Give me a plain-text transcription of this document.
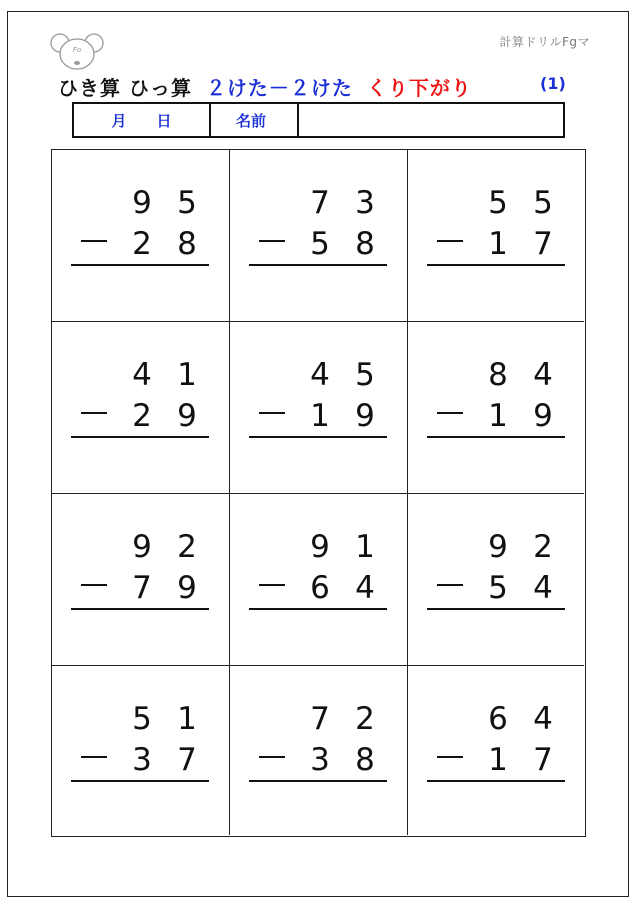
Fo
計算ドリルFgマ
ひき算 ひっ算 ２けた－２けた くり下がり	(1)
月 日	名前
9 5
2 8
7 3
5 8
5 5
1 7
4 1
2 9
4 5
1 9
8 4
1 9
9 2
7 9
9 1
6 4
9 2
5 4
5 1
3 7
7 2
3 8
6 4
1 7
